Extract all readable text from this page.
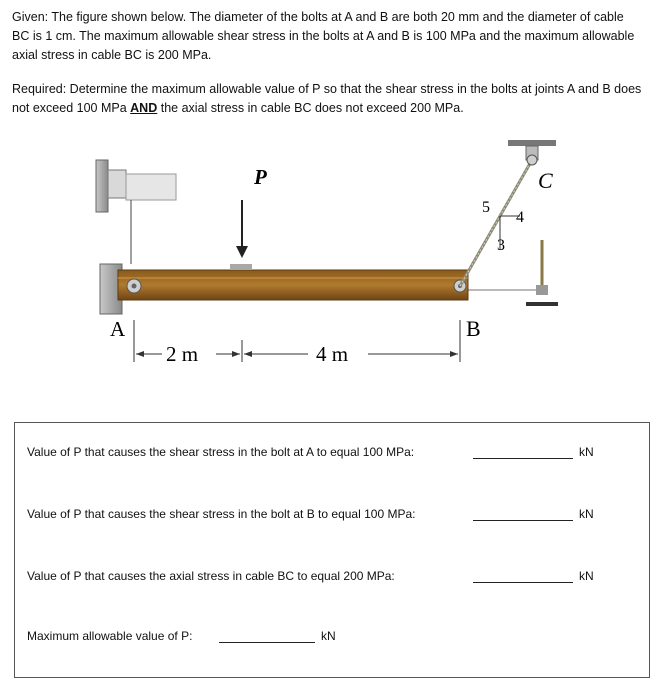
Given: The figure shown below. The diameter of the bolts at A and B are both 20 mm and the diameter of cable BC is 1 cm. The maximum allowable shear stress in the bolts at A and B is 100 MPa and the maximum allowable axial stress in cable BC is 200 MPa.
Required: Determine the maximum allowable value of P so that the shear stress in the bolts at joints A and B does not exceed 100 MPa AND the axial stress in cable BC does not exceed 200 MPa.
5
4
3
P
A	B
C
2 m	4 m
Value of P that causes the shear stress in the bolt at A to equal 100 MPa:	kN
Value of P that causes the shear stress in the bolt at B to equal 100 MPa:	kN
Value of P that causes the axial stress in cable BC to equal 200 MPa:	kN
Maximum allowable value of P:	kN
